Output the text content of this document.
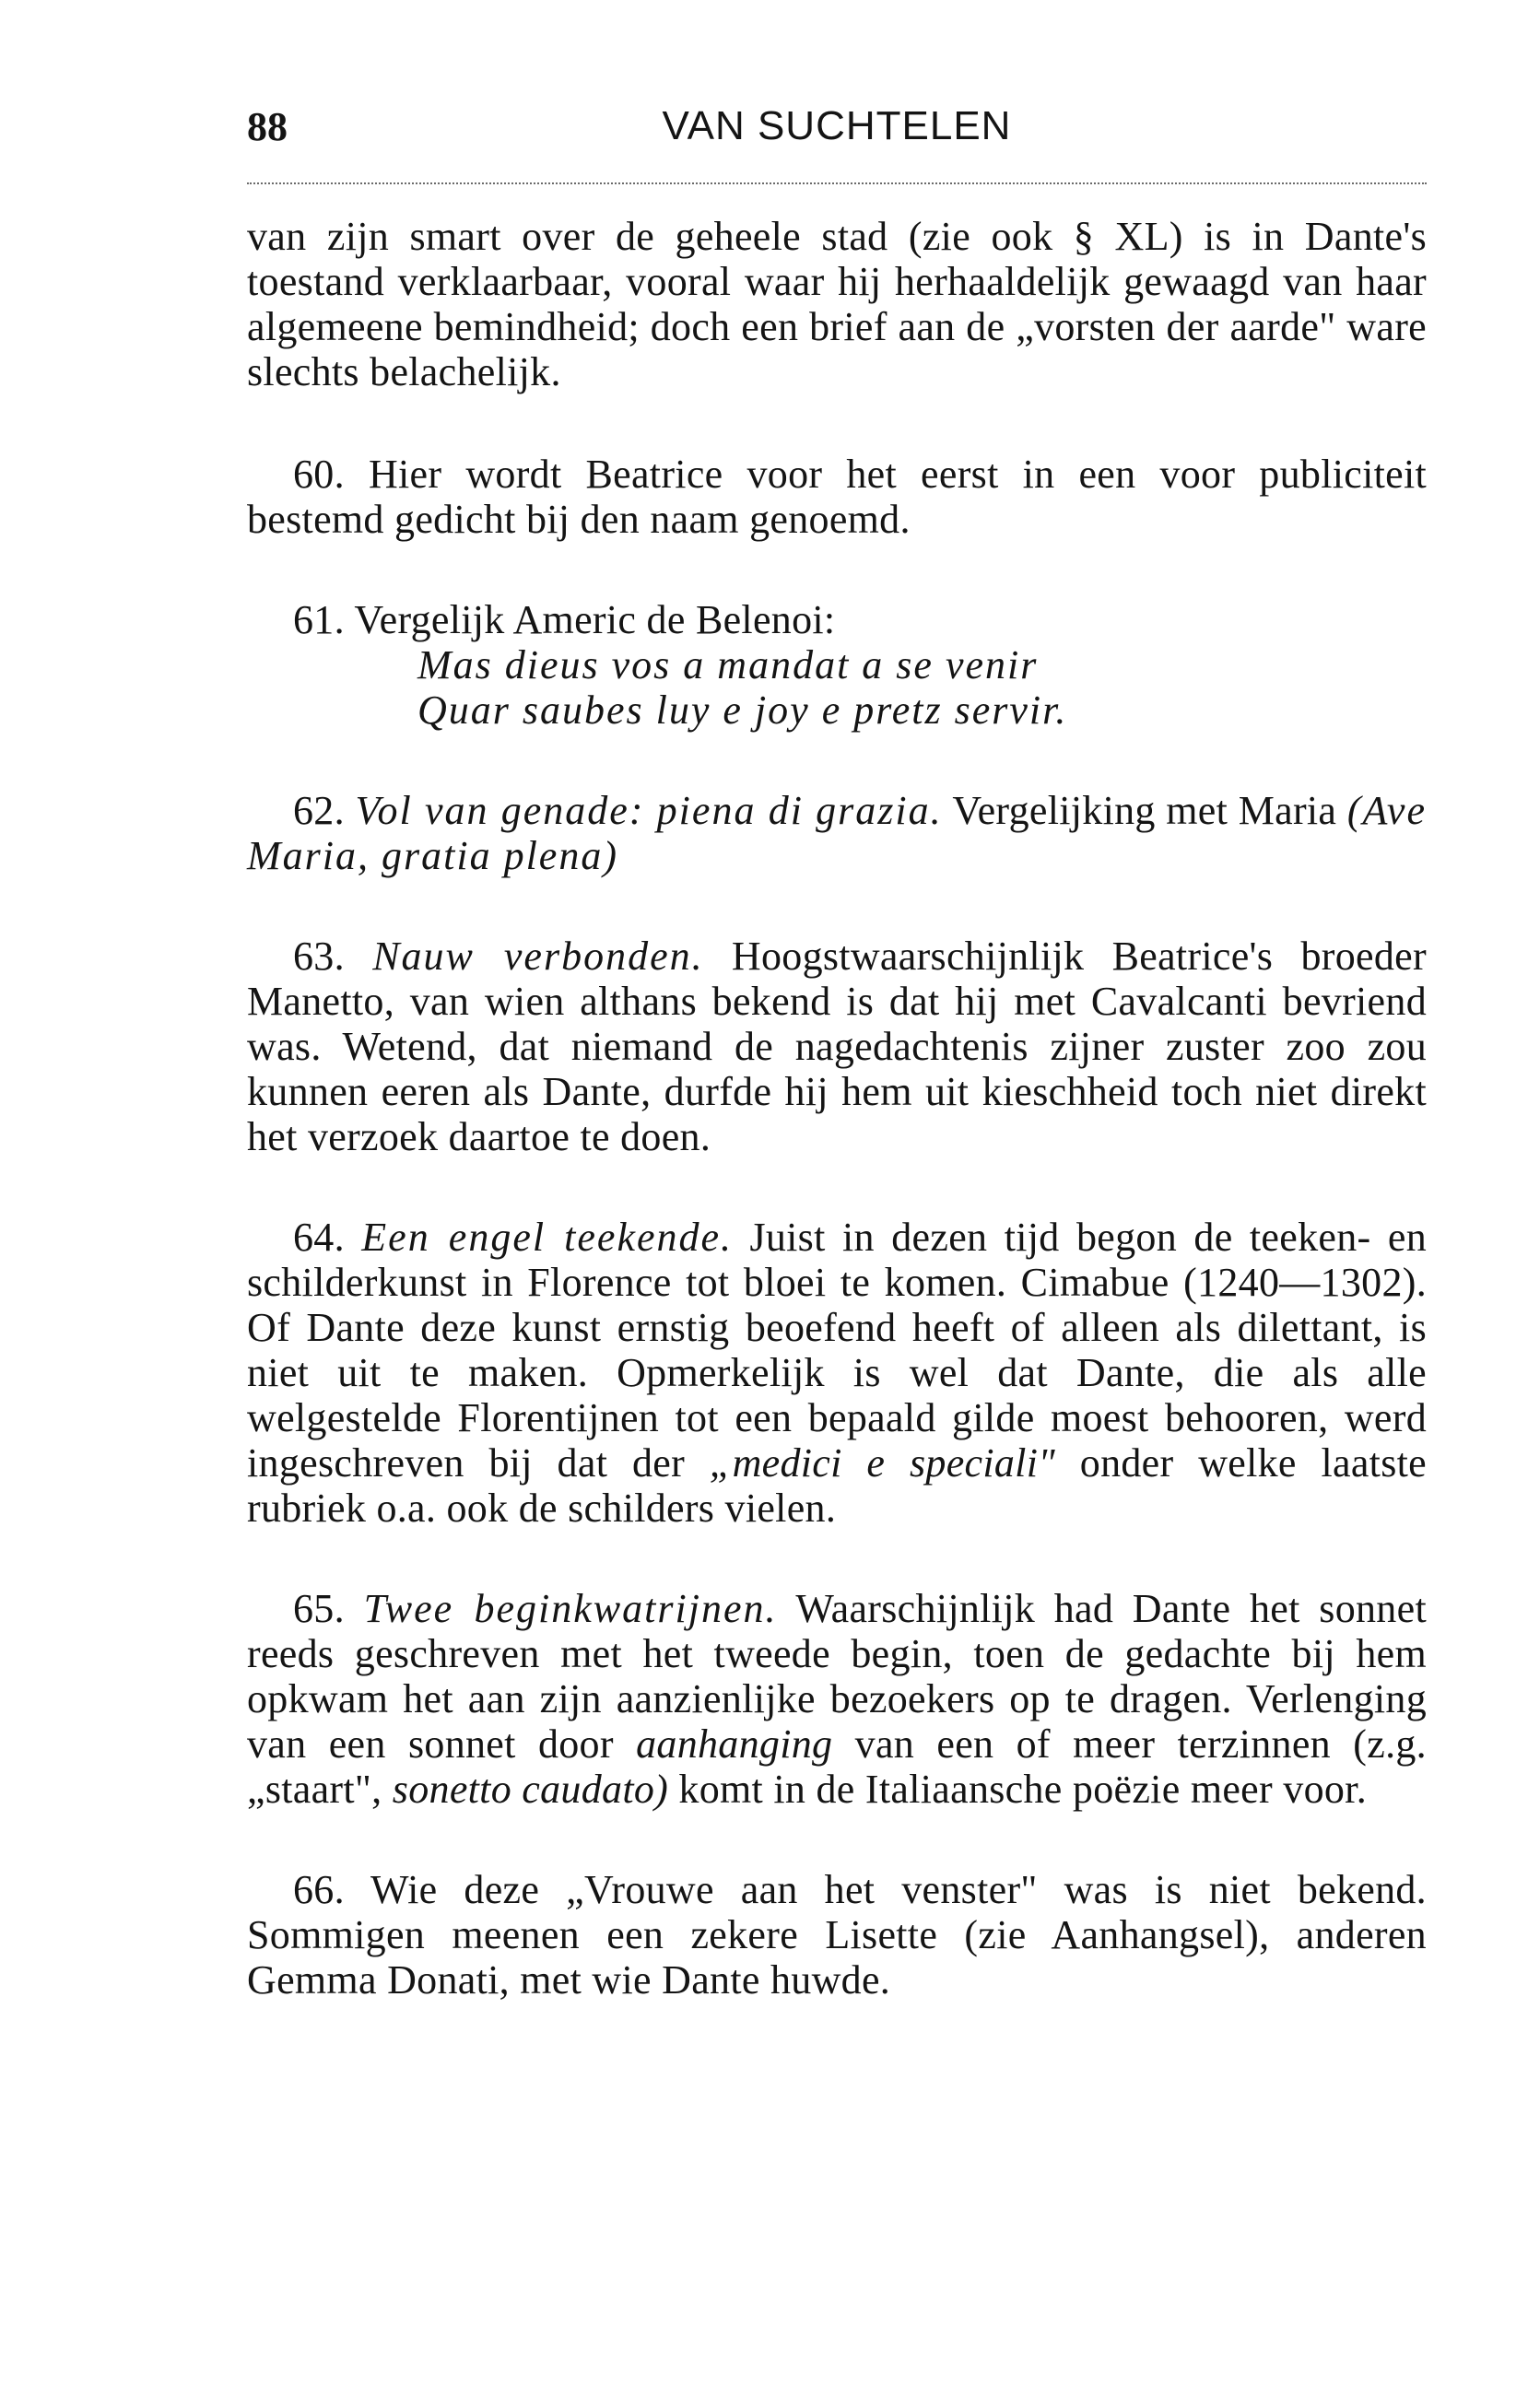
88	VAN SUCHTELEN

van zijn smart over de geheele stad (zie ook § XL) is in Dante's toestand verklaarbaar, vooral waar hij herhaaldelijk gewaagd van haar algemeene bemindheid; doch een brief aan de „vorsten der aarde" ware slechts belachelijk.

60. Hier wordt Beatrice voor het eerst in een voor publiciteit bestemd gedicht bij den naam genoemd.

61. Vergelijk Americ de Belenoi:
Mas dieus vos a mandat a se venir
Quar saubes luy e joy e pretz servir.

62. Vol van genade: piena di grazia. Vergelijking met Maria (Ave Maria, gratia plena)

63. Nauw verbonden. Hoogstwaarschijnlijk Beatrice's broeder Manetto, van wien althans bekend is dat hij met Cavalcanti bevriend was. Wetend, dat niemand de nagedachtenis zijner zuster zoo zou kunnen eeren als Dante, durfde hij hem uit kieschheid toch niet direkt het verzoek daartoe te doen.

64. Een engel teekende. Juist in dezen tijd begon de teeken- en schilderkunst in Florence tot bloei te komen. Cimabue (1240—1302). Of Dante deze kunst ernstig beoefend heeft of alleen als dilettant, is niet uit te maken. Opmerkelijk is wel dat Dante, die als alle welgestelde Florentijnen tot een bepaald gilde moest behooren, werd ingeschreven bij dat der „medici e speciali" onder welke laatste rubriek o.a. ook de schilders vielen.

65. Twee beginkwatrijnen. Waarschijnlijk had Dante het sonnet reeds geschreven met het tweede begin, toen de gedachte bij hem opkwam het aan zijn aanzienlijke bezoekers op te dragen. Verlenging van een sonnet door aanhanging van een of meer terzinnen (z.g. „staart", sonetto caudato) komt in de Italiaansche poëzie meer voor.

66. Wie deze „Vrouwe aan het venster" was is niet bekend. Sommigen meenen een zekere Lisette (zie Aanhangsel), anderen Gemma Donati, met wie Dante huwde.
